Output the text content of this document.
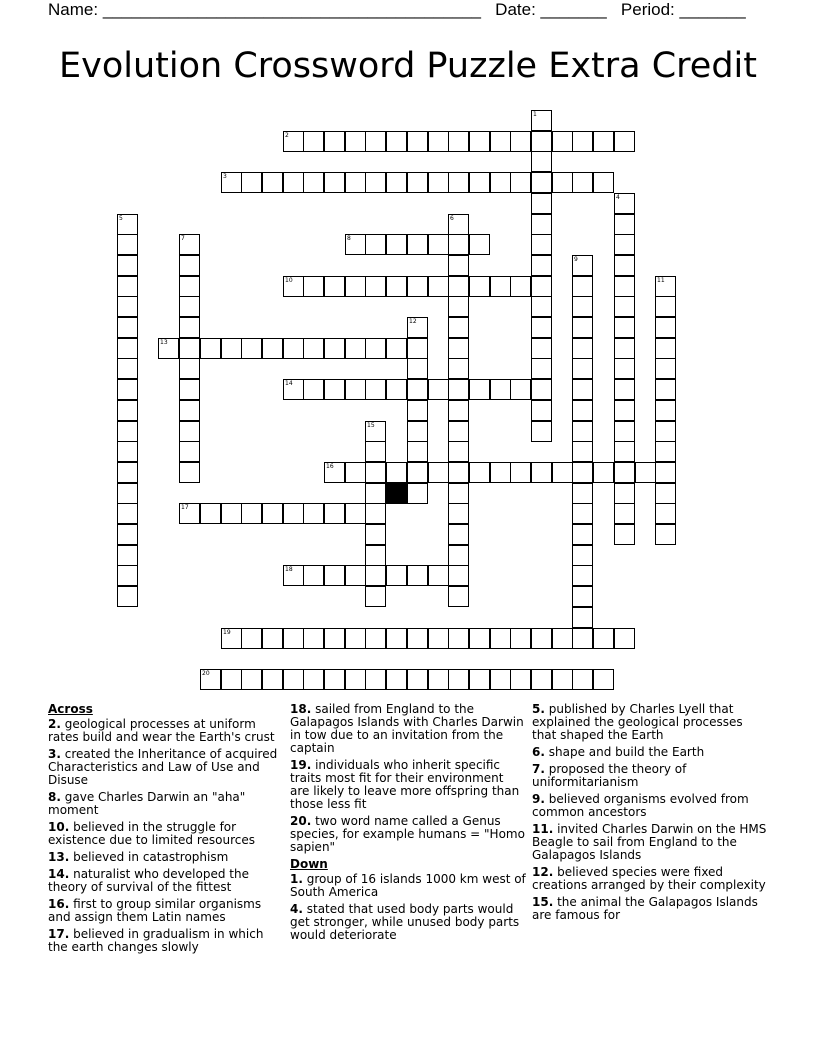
Name: ________________________________________ Date: _______ Period: _______
Evolution Crossword Puzzle Extra Credit
1
2
3
4
5	6
7	8
9
10	11
12
13
14
15
16
17
18
19
20
Across
2. geological processes at uniform rates build and wear the Earth's crust
3. created the Inheritance of acquired Characteristics and Law of Use and Disuse
8. gave Charles Darwin an "aha" moment
10. believed in the struggle for existence due to limited resources
13. believed in catastrophism
14. naturalist who developed the theory of survival of the fittest
16. first to group similar organisms and assign them Latin names
17. believed in gradualism in which the earth changes slowly
18. sailed from England to the Galapagos Islands with Charles Darwin in tow due to an invitation from the captain
19. individuals who inherit specific traits most fit for their environment are likely to leave more offspring than those less fit
20. two word name called a Genus species, for example humans = "Homo sapien"
Down
1. group of 16 islands 1000 km west of South America
4. stated that used body parts would get stronger, while unused body parts would deteriorate
5. published by Charles Lyell that explained the geological processes that shaped the Earth
6. shape and build the Earth
7. proposed the theory of uniformitarianism
9. believed organisms evolved from common ancestors
11. invited Charles Darwin on the HMS Beagle to sail from England to the Galapagos Islands
12. believed species were fixed creations arranged by their complexity
15. the animal the Galapagos Islands are famous for
